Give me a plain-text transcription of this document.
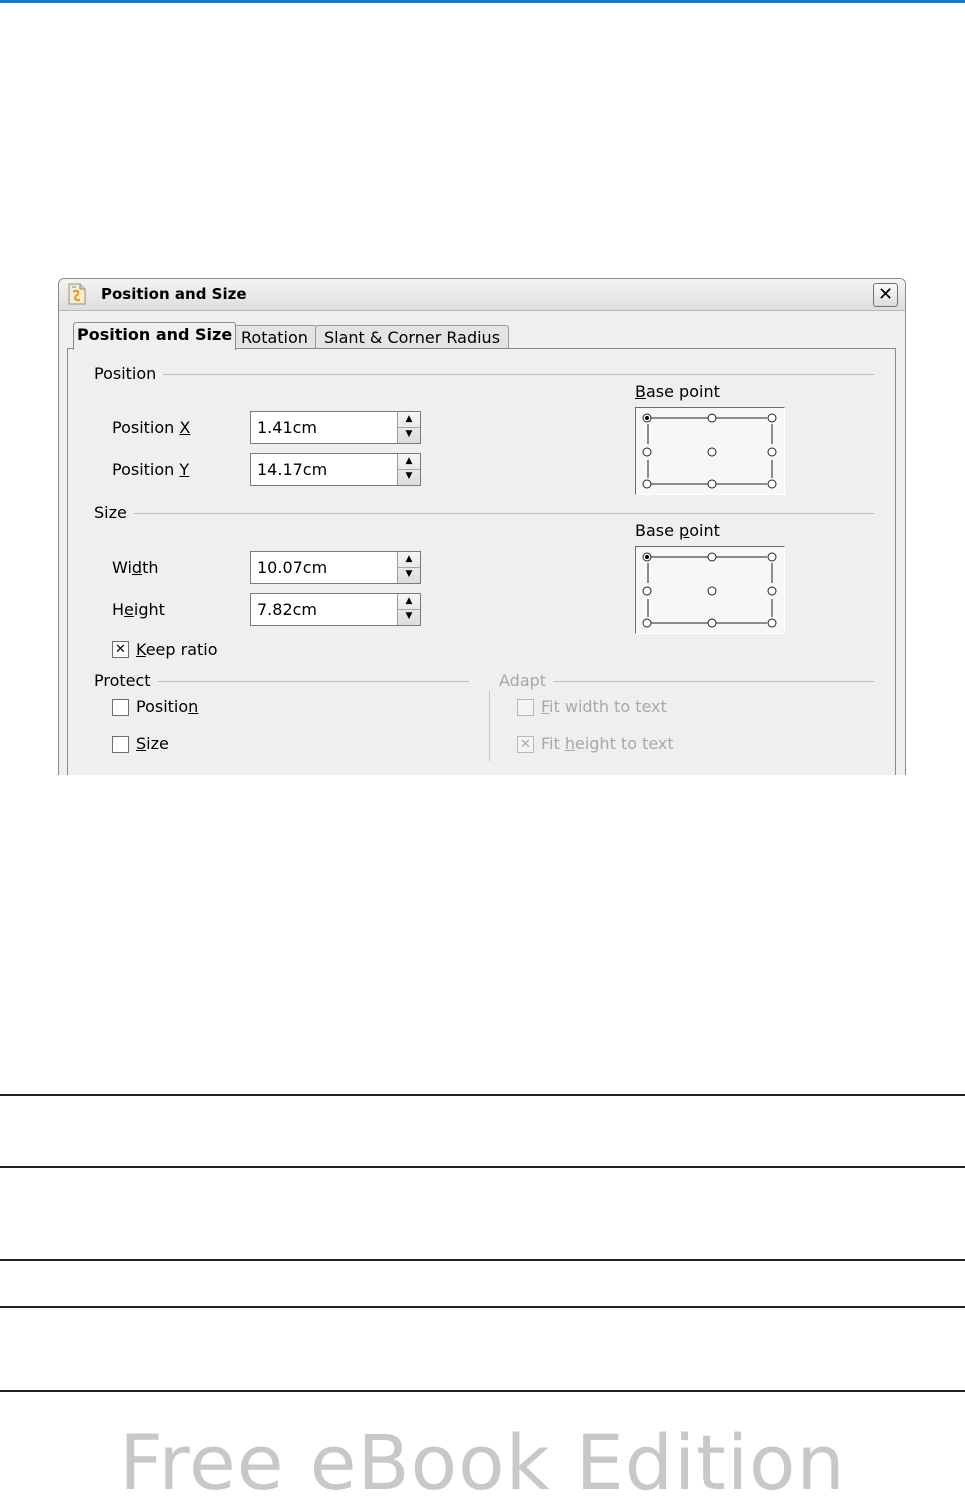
Position and Size	✕
Position and Size Rotation	Slant & Corner Radius
Position
Base point
Position X
1.41cm	▲
▼
Position Y
14.17cm	▲
▼
Size
Base point
Width
10.07cm	▲
▼
Height
7.82cm	▲
▼
✕ Keep ratio
Protect
Position
Size
Adapt
Fit width to text
✕ Fit height to text
Free eBook Edition
